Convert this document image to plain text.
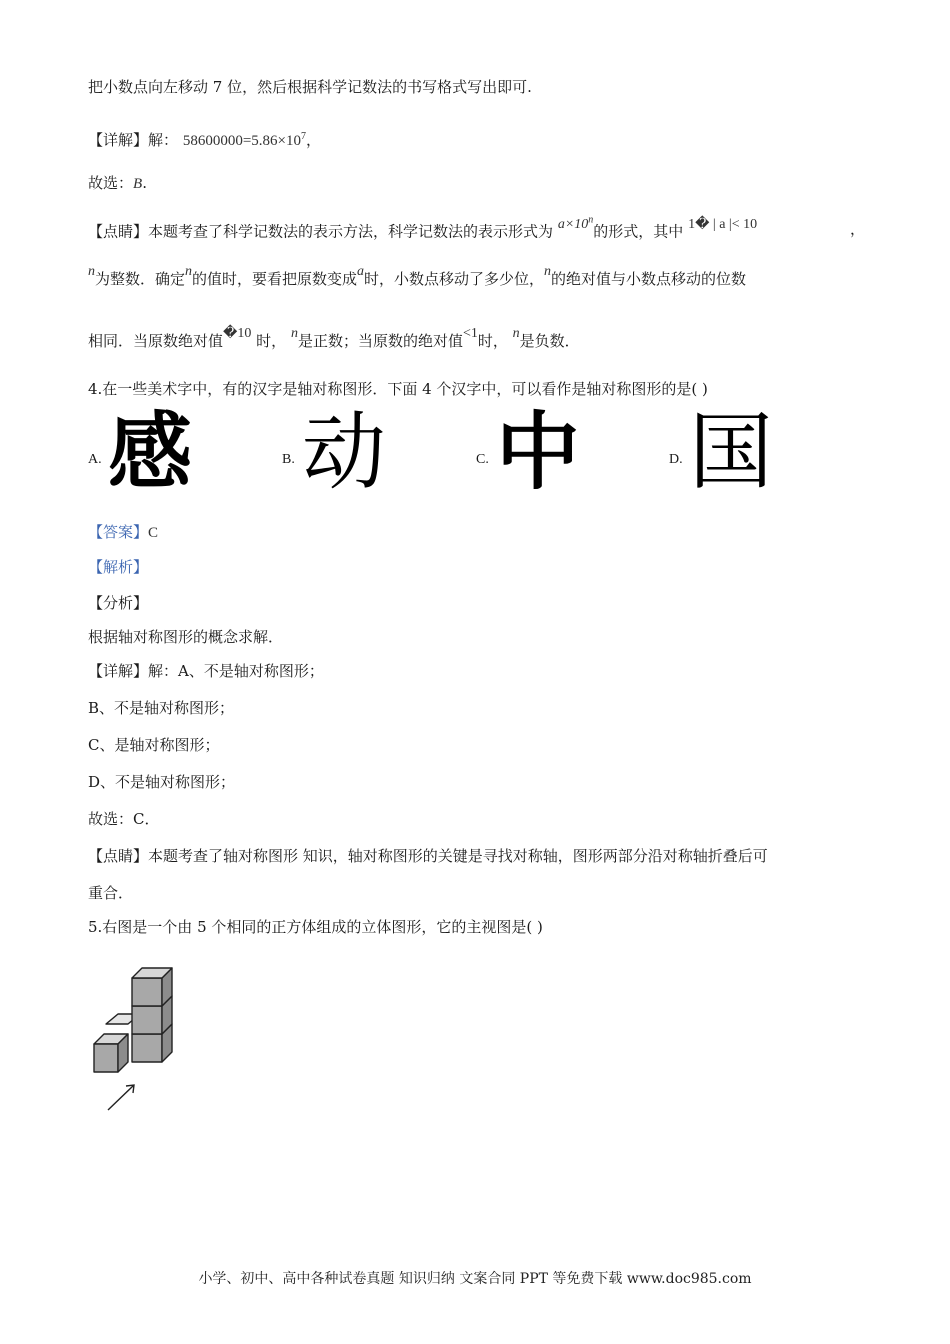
把小数点向左移动 7 位，然后根据科学记数法的书写格式写出即可.
【详解】解： $58600000=5.86\times 10^7$，
故选：B.
【点睛】本题考查了科学记数法的表示方法，科学记数法的表示形式为 $a\times 10^n$的形式，其中 1� | a |< 10	，
n为整数．确定n的值时，要看把原数变成a时，小数点移动了多少位，n的绝对值与小数点移动的位数
相同．当原数绝对值�10 时， n是正数；当原数的绝对值<1时， n是负数．
4.在一些美术字中，有的汉字是轴对称图形．下面 4 个汉字中，可以看作是轴对称图形的是( )
A. 感	B. 动	C. 中	D. 国
【答案】C
【解析】
【分析】
根据轴对称图形的概念求解．
【详解】解：A、不是轴对称图形；
B、不是轴对称图形；
C、是轴对称图形；
D、不是轴对称图形；
故选：C．
【点睛】本题考查了轴对称图形 知识，轴对称图形的关键是寻找对称轴，图形两部分沿对称轴折叠后可
重合．
5.右图是一个由 5 个相同的正方体组成的立体图形，它的主视图是( )
小学、初中、高中各种试卷真题 知识归纳 文案合同 PPT 等免费下载 www.doc985.com
